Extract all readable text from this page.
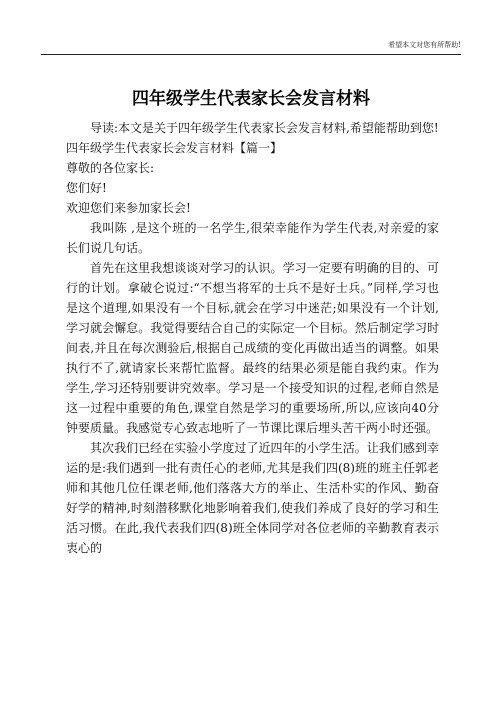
希望本文对您有所帮助!
四年级学生代表家长会发言材料

导读:本文是关于四年级学生代表家长会发言材料,希望能帮助到您!

四年级学生代表家长会发言材料【篇一】

尊敬的各位家长:

您们好!

欢迎您们来参加家长会!

我叫陈 ,是这个班的一名学生,很荣幸能作为学生代表,对亲爱的家长们说几句话。

首先在这里我想谈谈对学习的认识。学习一定要有明确的目的、可行的计划。拿破仑说过:“不想当将军的士兵不是好士兵。”同样,学习也是这个道理,如果没有一个目标,就会在学习中迷茫;如果没有一个计划,学习就会懈怠。我觉得要结合自己的实际定一个目标。然后制定学习时间表,并且在每次测验后,根据自己成绩的变化再做出适当的调整。如果执行不了,就请家长来帮忙监督。最终的结果必须是能自我约束。作为学生,学习还特别要讲究效率。学习是一个接受知识的过程,老师自然是这一过程中重要的角色,课堂自然是学习的重要场所,所以,应该向40分钟要质量。我感觉专心致志地听了一节课比课后埋头苦干两小时还强。

其次我们已经在实验小学度过了近四年的小学生活。让我们感到幸运的是:我们遇到一批有责任心的老师,尤其是我们四(8)班的班主任郭老师和其他几位任课老师,他们落落大方的举止、生活朴实的作风、勤奋好学的精神,时刻潜移默化地影响着我们,使我们养成了良好的学习和生活习惯。在此,我代表我们四(8)班全体同学对各位老师的辛勤教育表示衷心的
